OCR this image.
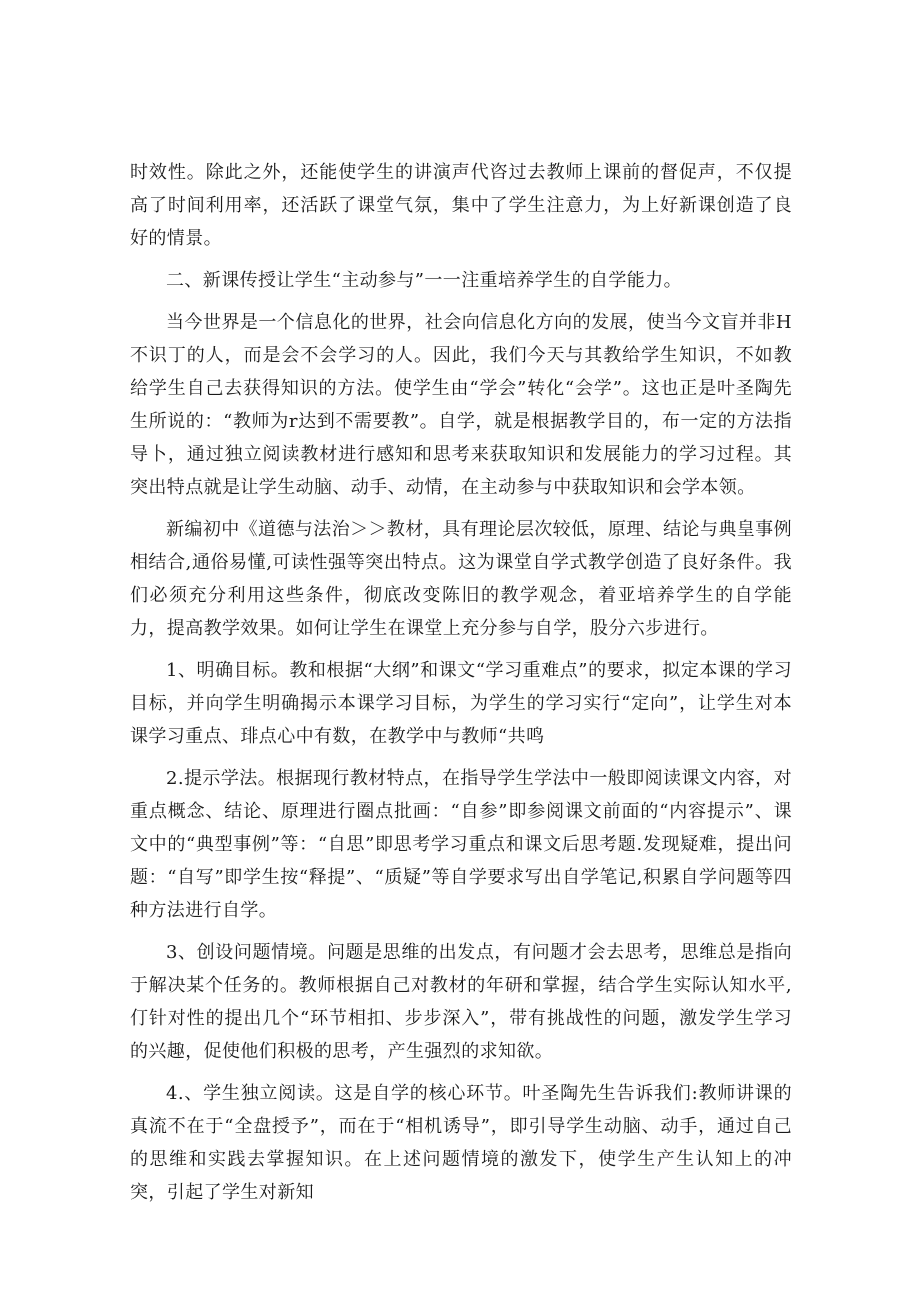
时效性。除此之外，还能使学生的讲演声代咨过去教师上课前的督促声，不仅提高了时间利用率，还活跃了课堂气氛，集中了学生注意力，为上好新课创造了良好的情景。

二、新课传授让学生“主动参与”一一注重培养学生的自学能力。

当今世界是一个信息化的世界，社会向信息化方向的发展，使当今文盲并非H不识丁的人，而是会不会学习的人。因此，我们今天与其教给学生知识，不如教给学生自己去获得知识的方法。使学生由“学会”转化“会学”。这也正是叶圣陶先生所说的：“教师为r达到不需要教”。自学，就是根据教学目的，布一定的方法指导卜，通过独立阅读教材进行感知和思考来获取知识和发展能力的学习过程。其突出特点就是让学生动脑、动手、动情，在主动参与中获取知识和会学本领。

新编初中《道德与法治＞＞教材，具有理论层次较低，原理、结论与典皇事例相结合,通俗易懂,可读性强等突出特点。这为课堂自学式教学创造了良好条件。我们必须充分利用这些条件，彻底改变陈旧的教学观念，着亚培养学生的自学能力，提高教学效果。如何让学生在课堂上充分参与自学，股分六步进行。

1、明确目标。教和根据“大纲”和课文“学习重难点”的要求，拟定本课的学习目标，并向学生明确揭示本课学习目标，为学生的学习实行“定向”，让学生对本课学习重点、琲点心中有数，在教学中与教师“共鸣

2.提示学法。根据现行教材特点，在指导学生学法中一般即阅读课文内容，对重点概念、结论、原理进行圈点批画：“自参”即参阅课文前面的“内容提示”、课文中的“典型事例”等：“自思”即思考学习重点和课文后思考题.发现疑难，提出问题：“自写”即学生按“释提”、“质疑”等自学要求写出自学笔记,积累自学问题等四种方法进行自学。

3、创设问题情境。问题是思维的出发点，有问题才会去思考，思维总是指向于解决某个任务的。教师根据自己对教材的年研和掌握，结合学生实际认知水平,仃针对性的提出几个“环节相扣、步步深入”，带有挑战性的问题，激发学生学习的兴趣，促使他们积极的思考，产生强烈的求知欲。

4.、学生独立阅读。这是自学的核心环节。叶圣陶先生告诉我们:教师讲课的真流不在于“全盘授予”，而在于“相机诱导”，即引导学生动脑、动手，通过自己的思维和实践去掌握知识。在上述问题情境的激发下，使学生产生认知上的冲突，引起了学生对新知
